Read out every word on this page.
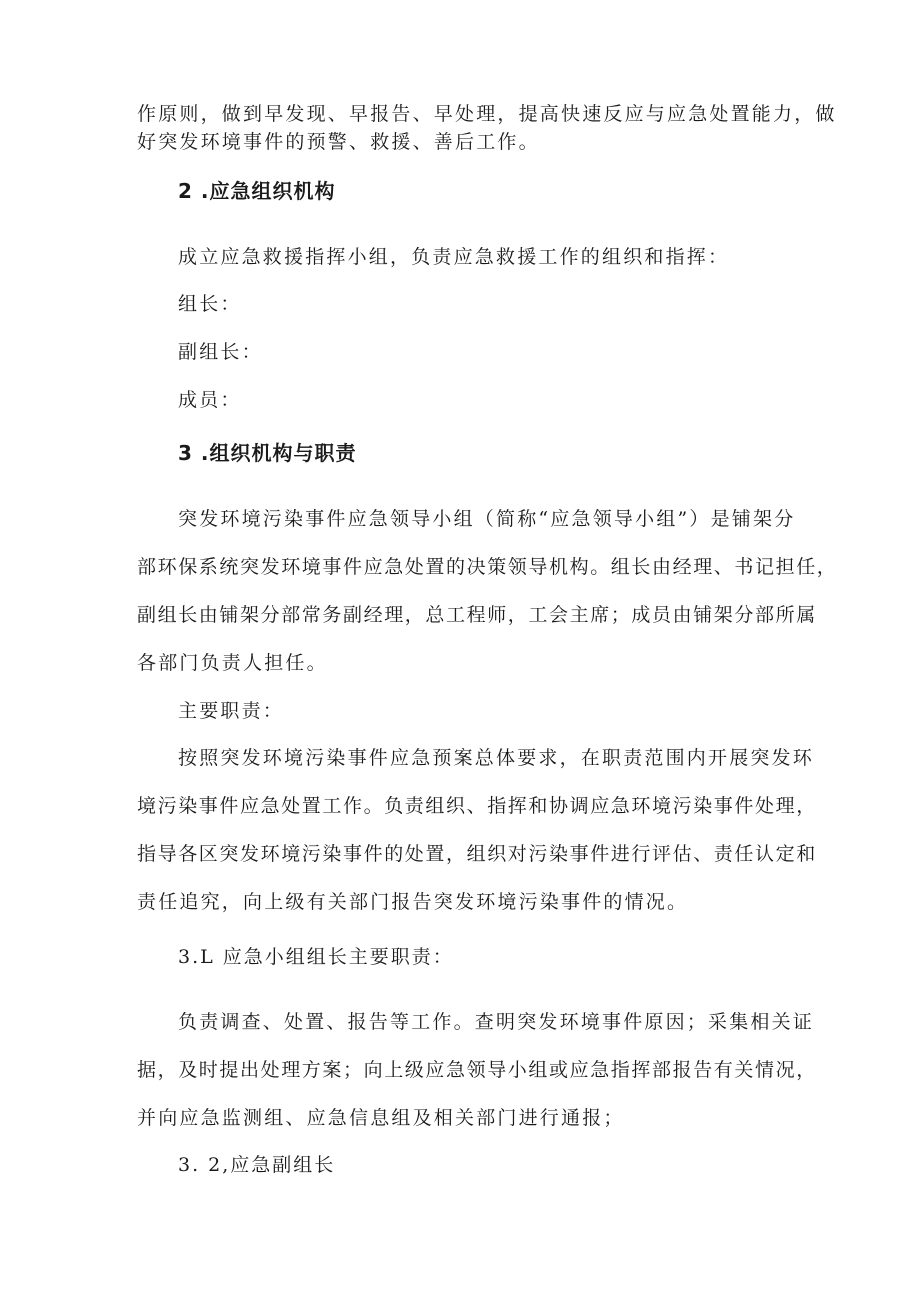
作原则，做到早发现、早报告、早处理，提高快速反应与应急处置能力，做
好突发环境事件的预警、救援、善后工作。
2 .应急组织机构
成立应急救援指挥小组，负责应急救援工作的组织和指挥：
组长：
副组长：
成员：
3 .组织机构与职责
突发环境污染事件应急领导小组（简称“应急领导小组”）是铺架分
部环保系统突发环境事件应急处置的决策领导机构。组长由经理、书记担任，
副组长由铺架分部常务副经理，总工程师，工会主席；成员由铺架分部所属
各部门负责人担任。
主要职责：
按照突发环境污染事件应急预案总体要求，在职责范围内开展突发环
境污染事件应急处置工作。负责组织、指挥和协调应急环境污染事件处理，
指导各区突发环境污染事件的处置，组织对污染事件进行评估、责任认定和
责任追究，向上级有关部门报告突发环境污染事件的情况。
3.L 应急小组组长主要职责：
负责调查、处置、报告等工作。查明突发环境事件原因；采集相关证
据，及时提出处理方案；向上级应急领导小组或应急指挥部报告有关情况，
并向应急监测组、应急信息组及相关部门进行通报；
3. 2,应急副组长
